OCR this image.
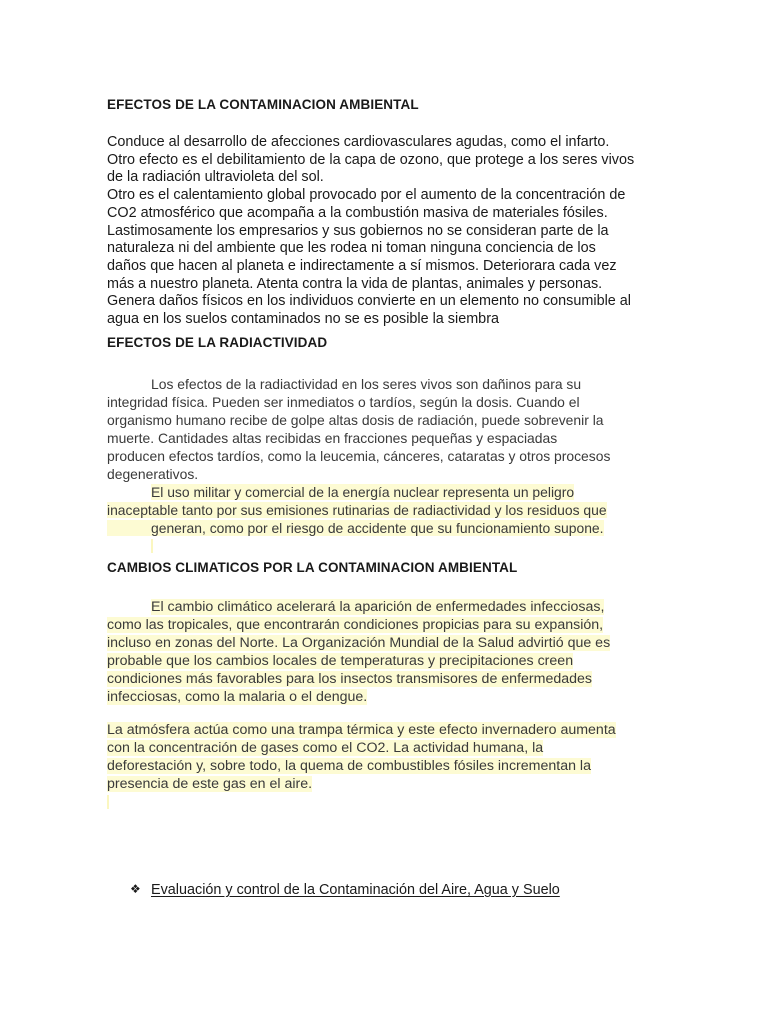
EFECTOS DE LA CONTAMINACION AMBIENTAL
Conduce al desarrollo de afecciones cardiovasculares agudas, como el infarto.
Otro efecto es el debilitamiento de la capa de ozono, que protege a los seres vivos
de la radiación ultravioleta del sol.
Otro es el calentamiento global provocado por el aumento de la concentración de
CO2 atmosférico que acompaña a la combustión masiva de materiales fósiles.
Lastimosamente los empresarios y sus gobiernos no se consideran parte de la
naturaleza ni del ambiente que les rodea ni toman ninguna conciencia de los
daños que hacen al planeta e indirectamente a sí mismos. Deteriorara cada vez
más a nuestro planeta. Atenta contra la vida de plantas, animales y personas.
Genera daños físicos en los individuos convierte en un elemento no consumible al
agua en los suelos contaminados no se es posible la siembra
EFECTOS DE LA RADIACTIVIDAD
Los efectos de la radiactividad en los seres vivos son dañinos para su
integridad física. Pueden ser inmediatos o tardíos, según la dosis. Cuando el
organismo humano recibe de golpe altas dosis de radiación, puede sobrevenir la
muerte. Cantidades altas recibidas en fracciones pequeñas y espaciadas
producen efectos tardíos, como la leucemia, cánceres, cataratas y otros procesos
degenerativos.
El uso militar y comercial de la energía nuclear representa un peligro
inaceptable tanto por sus emisiones rutinarias de radiactividad y los residuos que
generan, como por el riesgo de accidente que su funcionamiento supone.
CAMBIOS CLIMATICOS POR LA CONTAMINACION AMBIENTAL
El cambio climático acelerará la aparición de enfermedades infecciosas,
como las tropicales, que encontrarán condiciones propicias para su expansión,
incluso en zonas del Norte. La Organización Mundial de la Salud advirtió que es
probable que los cambios locales de temperaturas y precipitaciones creen
condiciones más favorables para los insectos transmisores de enfermedades
infecciosas, como la malaria o el dengue.
La atmósfera actúa como una trampa térmica y este efecto invernadero aumenta
con la concentración de gases como el CO2. La actividad humana, la
deforestación y, sobre todo, la quema de combustibles fósiles incrementan la
presencia de este gas en el aire.
❖ Evaluación y control de la Contaminación del Aire, Agua y Suelo
